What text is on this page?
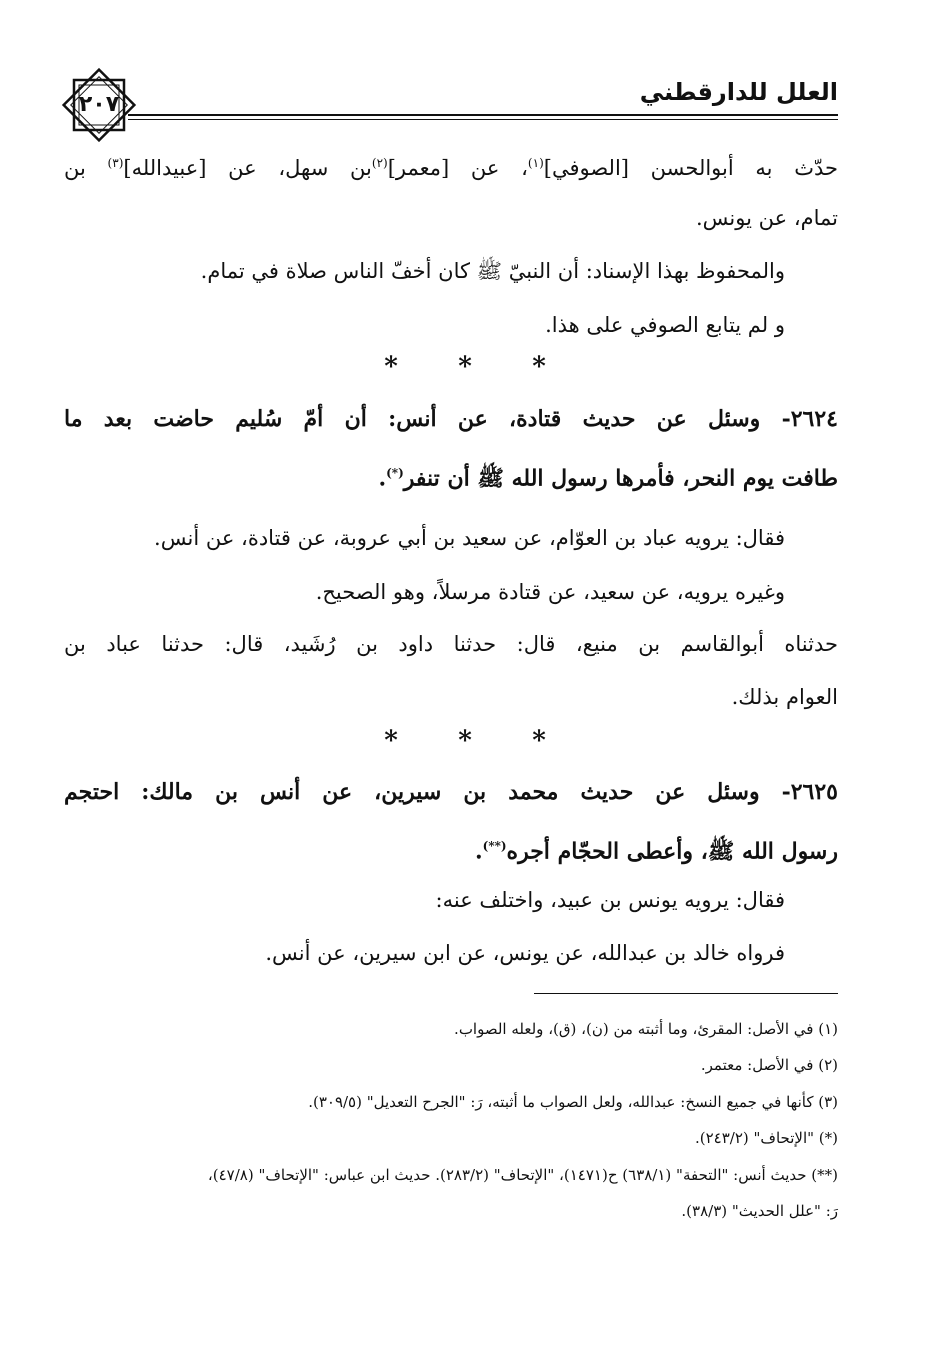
العلل للدارقطني
٢٠٧
حدّث به أبوالحسن [الصوفي]$^{(١)}$، عن [معمر]$^{(٢)}$بن سهل، عن [عبيدالله]$^{(٣)}$ بن
تمام، عن يونس.
والمحفوظ بهذا الإسناد: أن النبيّ ﷺ كان أخفّ الناس صلاة في تمام.
و لم يتابع الصوفي على هذا.
* * *
٢٦٢٤- وسئل عن حديث قتادة، عن أنس: أن أمّ سُليم حاضت بعد ما
طافت يوم النحر، فأمرها رسول الله ﷺ أن تنفر(*).
فقال: يرويه عباد بن العوّام، عن سعيد بن أبي عروبة، عن قتادة، عن أنس.
وغيره يرويه، عن سعيد، عن قتادة مرسلاً، وهو الصحيح.
حدثناه أبوالقاسم بن منيع، قال: حدثنا داود بن رُشَيد، قال: حدثنا عباد بن
العوام بذلك.
* * *
٢٦٢٥- وسئل عن حديث محمد بن سيرين، عن أنس بن مالك: احتجم
رسول الله ﷺ، وأعطى الحجّام أجره(**).
فقال: يرويه يونس بن عبيد، واختلف عنه:
فرواه خالد بن عبدالله، عن يونس، عن ابن سيرين، عن أنس.
(١) في الأصل: المقرئ، وما أثبته من (ن)، (ق)، ولعله الصواب.
(٢) في الأصل: معتمر.
(٣) كأنها في جميع النسخ: عبدالله، ولعل الصواب ما أثبته، رَ: "الجرح التعديل" (٣٠٩/٥).
(*) "الإتحاف" (٢٤٣/٢).
(**) حديث أنس: "التحفة" (٦٣٨/١) ح(١٤٧١)، "الإتحاف" (٢٨٣/٢). حديث ابن عباس: "الإتحاف" (٤٧/٨)،
رَ: "علل الحديث" (٣٨/٣).
